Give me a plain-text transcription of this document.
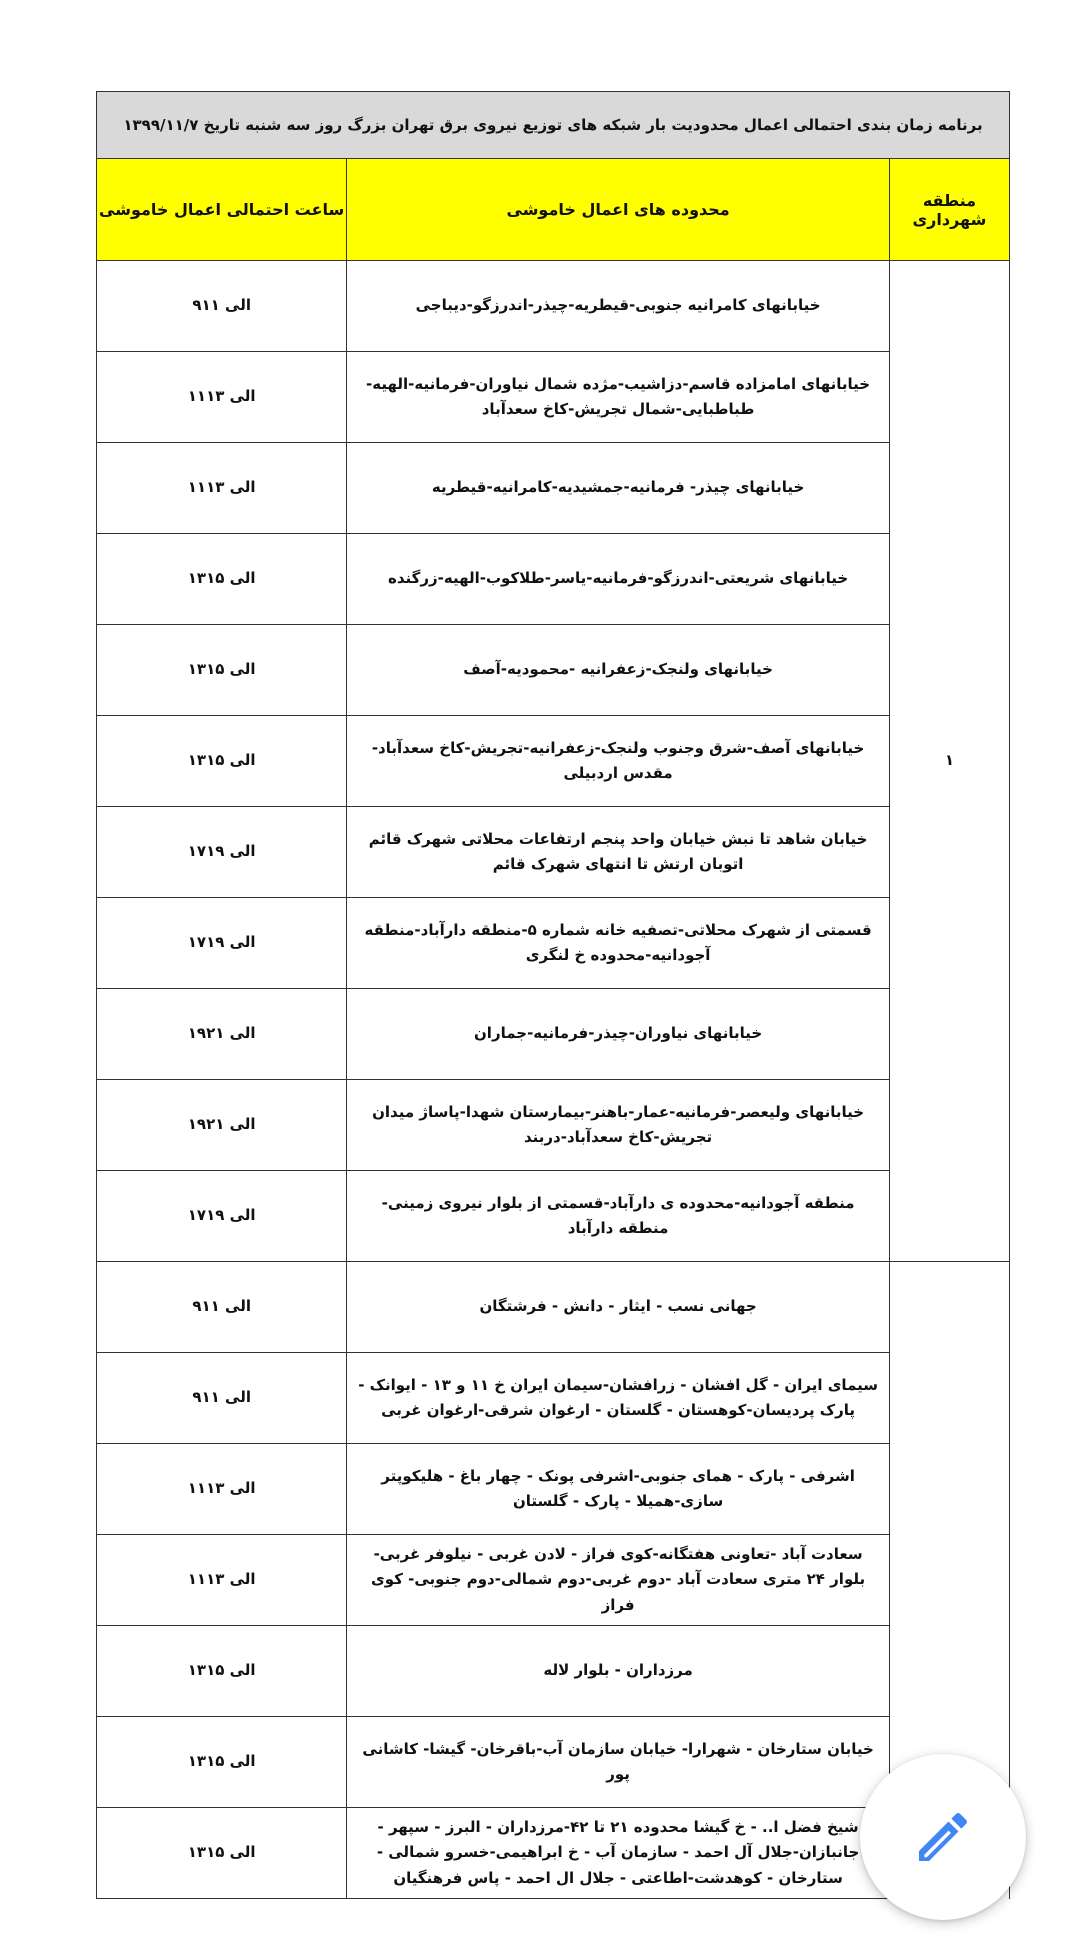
برنامه زمان بندی احتمالی اعمال محدودیت بار شبکه های توزیع نیروی برق تهران بزرگ روز سه شنبه تاریخ ۱۳۹۹/۱۱/۷		
منطقه شهرداری	محدوده های اعمال خاموشی	ساعت احتمالی اعمال خاموشی
۱	خیابانهای کامرانیه جنوبی-قیطریه-چیذر-اندرزگو-دیباجی	۹الی ۱۱
	خیابانهای امامزاده قاسم-دزاشیب-مژده شمال نیاوران-فرمانیه-الهیه-طباطبایی-شمال تجریش-کاخ سعدآباد	۱۱الی ۱۳
	خیابانهای چیذر- فرمانیه-جمشیدیه-کامرانیه-قیطریه	۱۱الی ۱۳
	خیابانهای شریعتی-اندرزگو-فرمانیه-یاسر-طلاکوب-الهیه-زرگنده	۱۳الی ۱۵
	خیابانهای ولنجک-زعفرانیه -محمودیه-آصف	۱۳الی ۱۵
	خیابانهای آصف-شرق وجنوب ولنجک-زعفرانیه-تجریش-کاخ سعدآباد-مقدس اردبیلی	۱۳الی ۱۵
	خیابان شاهد تا نبش خیابان واحد پنجم ارتفاعات محلاتی شهرک قائم اتوبان ارتش تا انتهای شهرک قائم	۱۷الی ۱۹
	قسمتی از شهرک محلاتی-تصفیه خانه شماره ۵-منطقه دارآباد-منطقه آجودانیه-محدوده خ لنگری	۱۷الی ۱۹
	خیابانهای نیاوران-چیذر-فرمانیه-جماران	۱۹الی ۲۱
	خیابانهای ولیعصر-فرمانیه-عمار-باهنر-بیمارستان شهدا-پاساژ میدان تجریش-کاخ سعدآباد-دربند	۱۹الی ۲۱
	منطقه آجودانیه-محدوده ی دارآباد-قسمتی از بلوار نیروی زمینی-منطقه دارآباد	۱۷الی ۱۹
	جهانی نسب - ایثار - دانش - فرشتگان	۹الی ۱۱
	سیمای ایران - گل افشان - زرافشان-سیمان ایران خ ۱۱ و ۱۳ - ایوانک - پارک پردیسان-کوهستان - گلستان - ارغوان شرقی-ارغوان غربی	۹الی ۱۱
	اشرفی - پارک - همای جنوبی-اشرفی پونک - چهار باغ - هلیکوپتر سازی-همیلا - پارک - گلستان	۱۱الی ۱۳
	سعادت آباد -تعاونی هفتگانه-کوی فراز - لادن غربی - نیلوفر غربی-بلوار ۲۴ متری سعادت آباد -دوم غربی-دوم شمالی-دوم جنوبی- کوی فراز	۱۱الی ۱۳
	مرزداران - بلوار لاله	۱۳الی ۱۵
	خیابان ستارخان - شهرارا- خیابان سازمان آب-باقرخان- گیشا- کاشانی پور	۱۳الی ۱۵
	شیخ فضل ا.. - خ گیشا محدوده ۲۱ تا ۴۲-مرزداران - البرز - سپهر - جانبازان-جلال آل احمد - سازمان آب - خ ابراهیمی-خسرو شمالی - ستارخان - کوهدشت-اطاعتی - جلال ال احمد - پاس فرهنگیان	۱۳الی ۱۵
